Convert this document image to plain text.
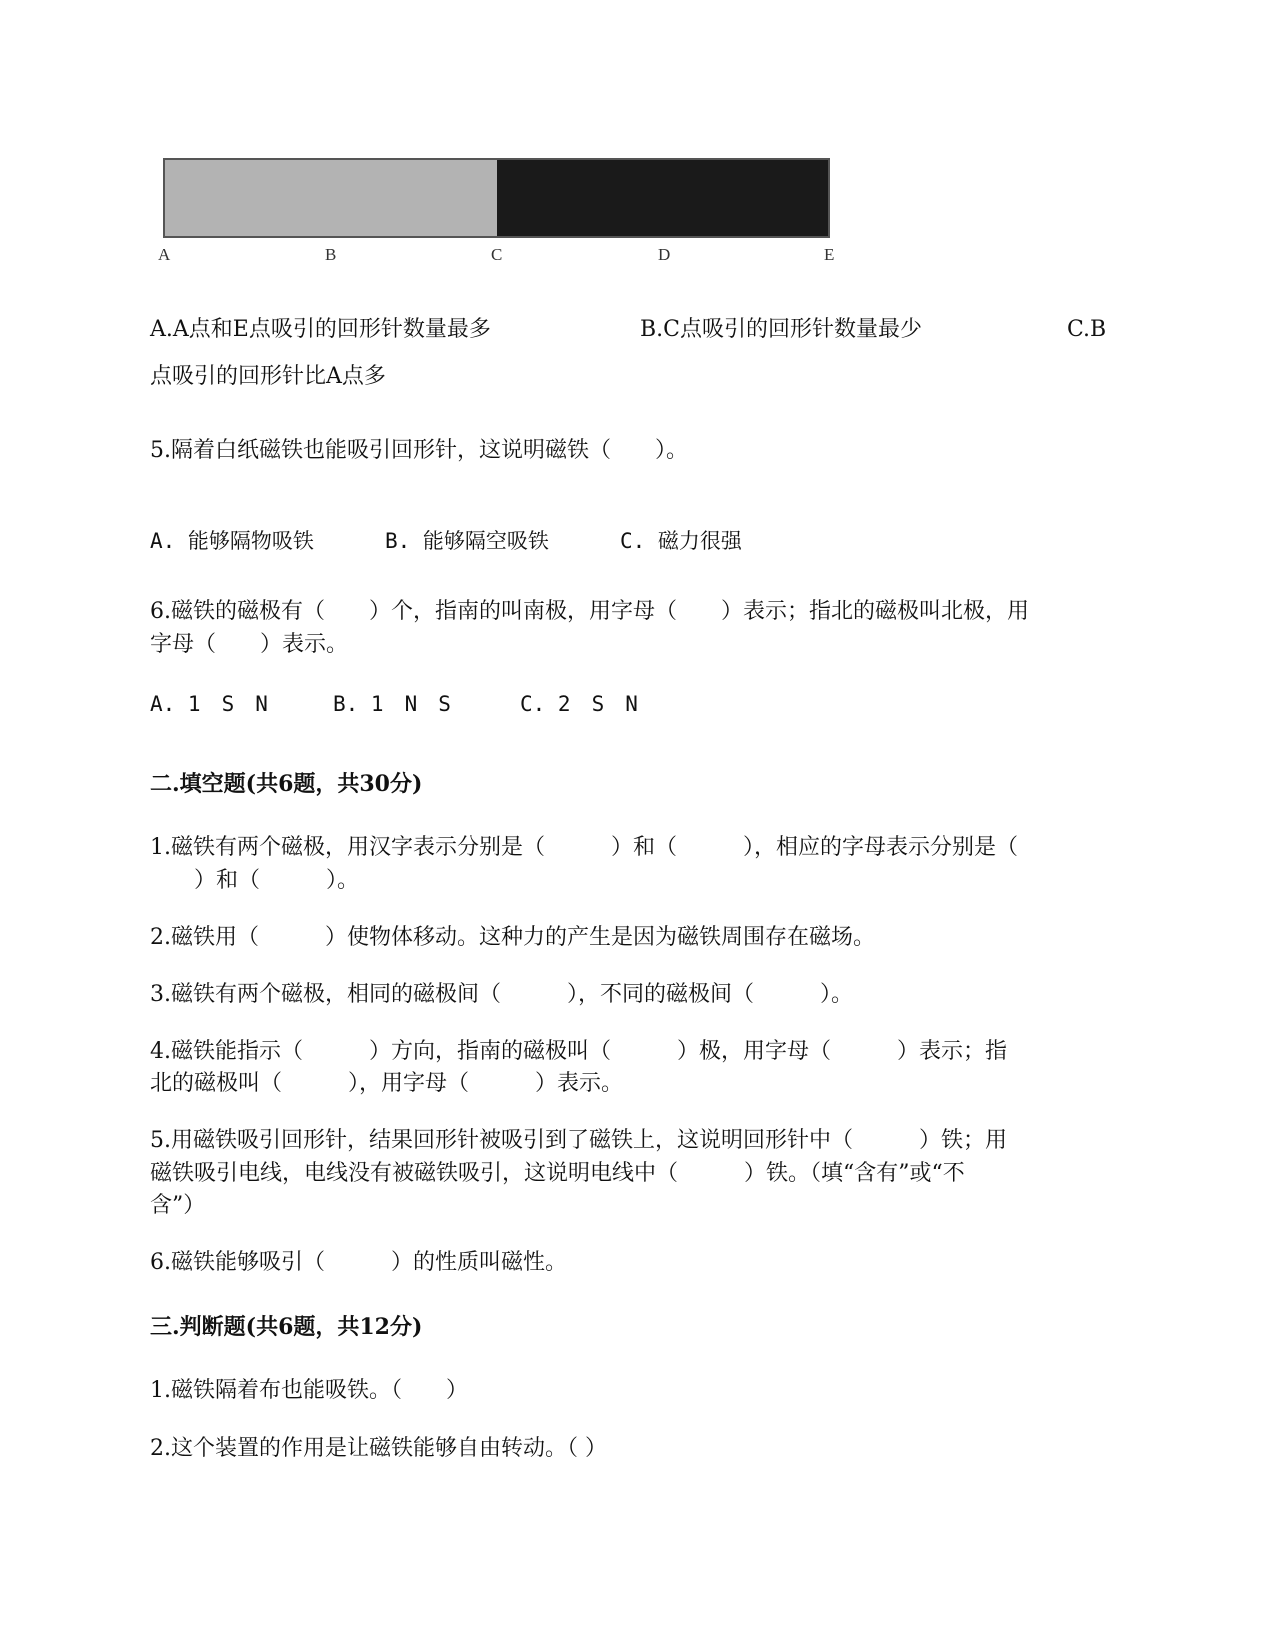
A	B	C	D	E
A.A点和E点吸引的回形针数量最多	B.C点吸引的回形针数量最少	C.B
点吸引的回形针比A点多
5.隔着白纸磁铁也能吸引回形针，这说明磁铁（　　）。
A. 能够隔物吸铁	B. 能够隔空吸铁	C. 磁力很强
6.磁铁的磁极有（　　）个，指南的叫南极，用字母（　　）表示；指北的磁极叫北极，用
字母（　　）表示。
A. 1　S　N	B. 1　N　S	C. 2　S　N
二.填空题(共6题，共30分)
1.磁铁有两个磁极，用汉字表示分别是（　　　）和（　　　），相应的字母表示分别是（
　　）和（　　　）。
2.磁铁用（　　　）使物体移动。这种力的产生是因为磁铁周围存在磁场。
3.磁铁有两个磁极，相同的磁极间（　　　），不同的磁极间（　　　）。
4.磁铁能指示（　　　）方向，指南的磁极叫（　　　）极，用字母（　　　）表示；指
北的磁极叫（　　　），用字母（　　　）表示。
5.用磁铁吸引回形针，结果回形针被吸引到了磁铁上，这说明回形针中（　　　）铁；用
磁铁吸引电线，电线没有被磁铁吸引，这说明电线中（　　　）铁。（填“含有”或“不
含”）
6.磁铁能够吸引（　　　）的性质叫磁性。
三.判断题(共6题，共12分)
1.磁铁隔着布也能吸铁。（　　）
2.这个装置的作用是让磁铁能够自由转动。（ ）
